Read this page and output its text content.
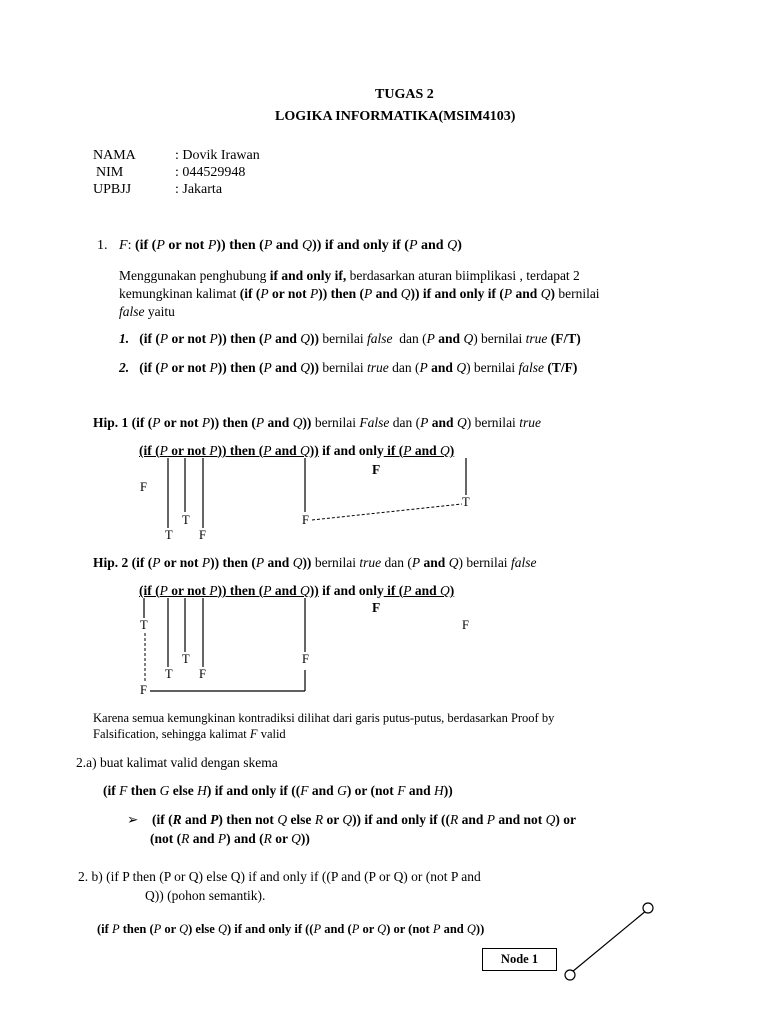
TUGAS 2
LOGIKA INFORMATIKA(MSIM4103)
NAMA	: Dovik Irawan
NIM	: 044529948
UPBJJ	: Jakarta
1. F: (if (P or not P)) then (P and Q)) if and only if (P and Q)
Menggunakan penghubung if and only if, berdasarkan aturan biimplikasi , terdapat 2
kemungkinan kalimat (if (P or not P)) then (P and Q)) if and only if (P and Q) bernilai
false yaitu
1.   (if (P or not P)) then (P and Q)) bernilai false  dan (P and Q) bernilai true (F/T)
2.   (if (P or not P)) then (P and Q)) bernilai true dan (P and Q) bernilai false (T/F)
Hip. 1 (if (P or not P)) then (P and Q)) bernilai False dan (P and Q) bernilai true
(if (P or not P)) then (P and Q)) if and only if (P and Q)
F
F
T
T F
F
T
Hip. 2 (if (P or not P)) then (P and Q)) bernilai true dan (P and Q) bernilai false
(if (P or not P)) then (P and Q)) if and only if (P and Q)
F
T	F
T	F
T F
F
Karena semua kemungkinan kontradiksi dilihat dari garis putus-putus, berdasarkan Proof by
Falsification, sehingga kalimat F valid
2.a) buat kalimat valid dengan skema
(if F then G else H) if and only if ((F and G) or (not F and H))
➢ (if (R and P) then not Q else R or Q)) if and only if ((R and P and not Q) or
(not (R and P) and (R or Q))
2. b) (if P then (P or Q) else Q) if and only if ((P and (P or Q) or (not P and
Q)) (pohon semantik).
(if P then (P or Q) else Q) if and only if ((P and (P or Q) or (not P and Q))
Node 1
